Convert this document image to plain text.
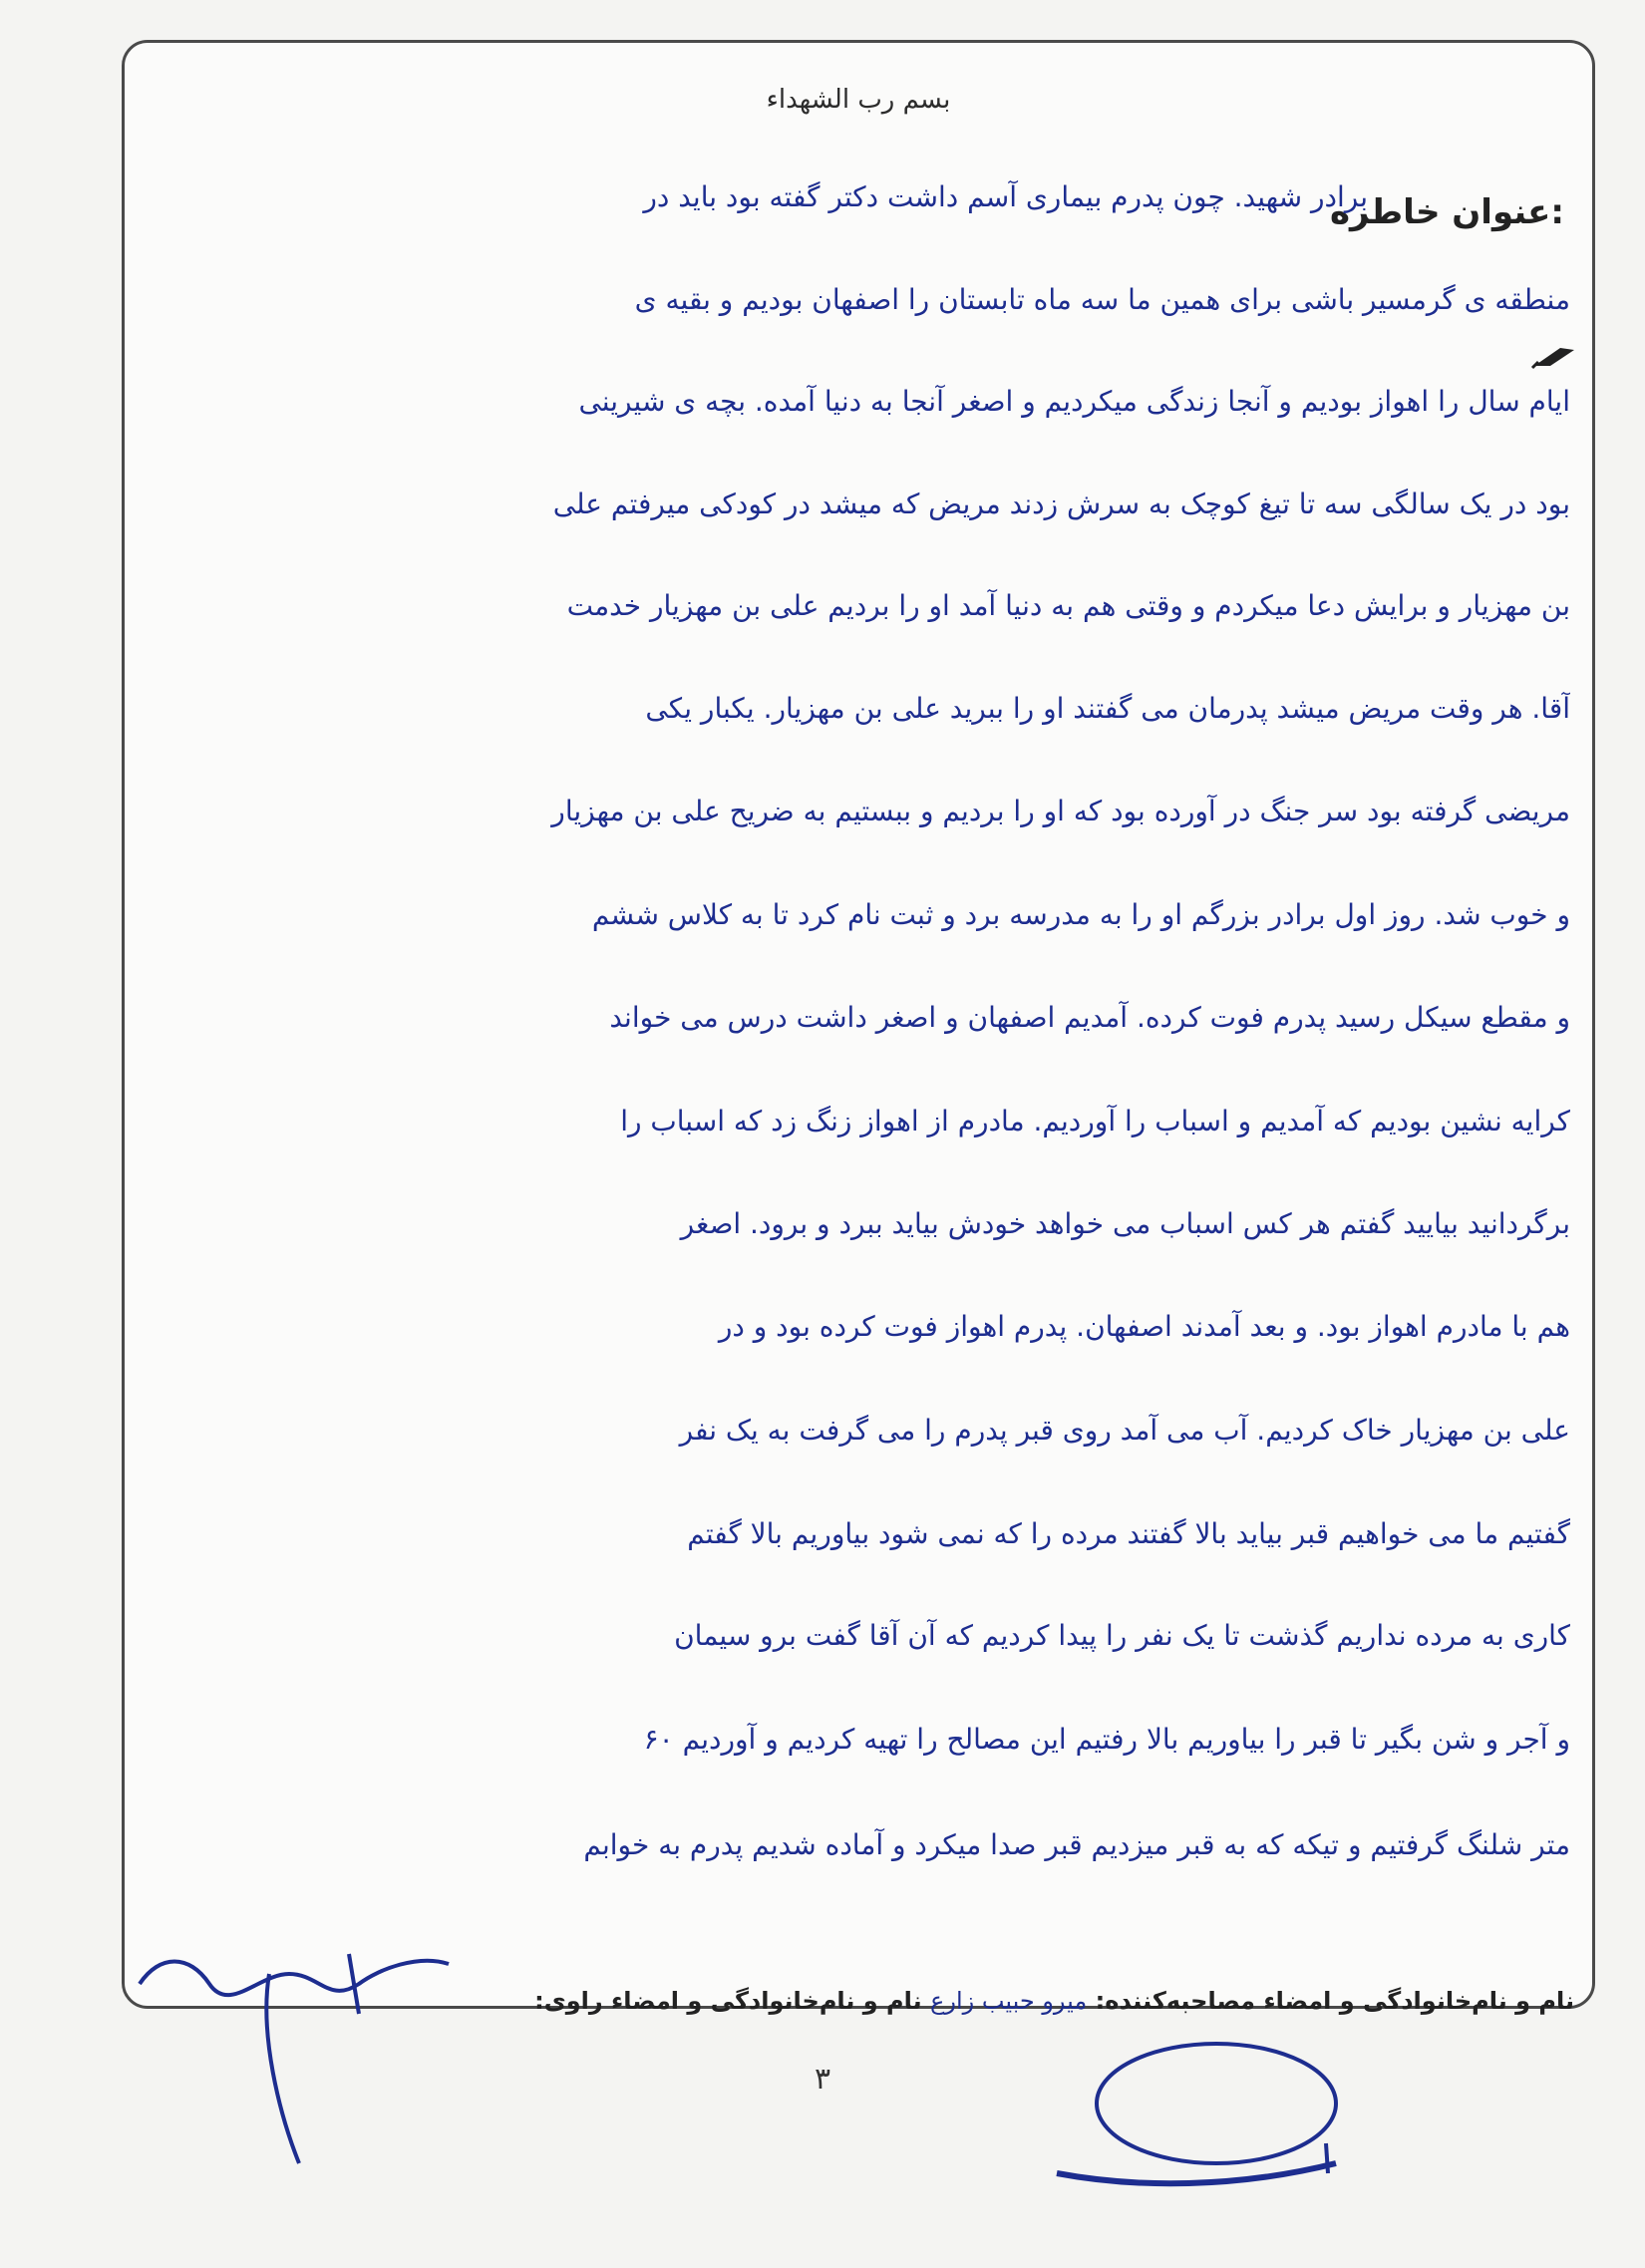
بسم رب الشهداء
عنوان خاطره:
برادر شهید. چون پدرم بیماری آسم داشت دکتر گفته بود باید در
منطقه ی گرمسیر باشی برای همین ما سه ماه تابستان را اصفهان بودیم و بقیه ی
ایام سال را اهواز بودیم و آنجا زندگی میکردیم و اصغر آنجا به دنیا آمده. بچه ی شیرینی
بود در یک سالگی سه تا تیغ کوچک به سرش زدند مریض که میشد در کودکی میرفتم علی
بن مهزیار و برایش دعا میکردم و وقتی هم به دنیا آمد او را بردیم علی بن مهزیار خدمت
آقا. هر وقت مریض میشد پدرمان می گفتند او را ببرید علی بن مهزیار. یکبار یکی
مریضی گرفته بود سر جنگ در آورده بود که او را بردیم و ببستیم به ضریح علی بن مهزیار
و خوب شد. روز اول برادر بزرگم او را به مدرسه برد و ثبت نام کرد تا به کلاس ششم
و مقطع سیکل رسید پدرم فوت کرده. آمدیم اصفهان و اصغر داشت درس می خواند
کرایه نشین بودیم که آمدیم و اسباب را آوردیم. مادرم از اهواز زنگ زد که اسباب را
برگردانید بیایید گفتم هر کس اسباب می خواهد خودش بیاید ببرد و برود. اصغر
هم با مادرم اهواز بود. و بعد آمدند اصفهان. پدرم اهواز فوت کرده بود و در
علی بن مهزیار خاک کردیم. آب می آمد روی قبر پدرم را می گرفت به یک نفر
گفتیم ما می خواهیم قبر بیاید بالا گفتند مرده را که نمی شود بیاوریم بالا گفتم
کاری به مرده نداریم گذشت تا یک نفر را پیدا کردیم که آن آقا گفت برو سیمان
و آجر و شن بگیر تا قبر را بیاوریم بالا رفتیم این مصالح را تهیه کردیم و آوردیم ۶۰
متر شلنگ گرفتیم و تیکه که به قبر میزدیم قبر صدا میکرد و آماده شدیم پدرم به خوابم
نام و نام‌خانوادگی و امضاء مصاحبه‌کننده: میرو حبیب زارع نام و نام‌خانوادگی و امضاء راوی:
۳
